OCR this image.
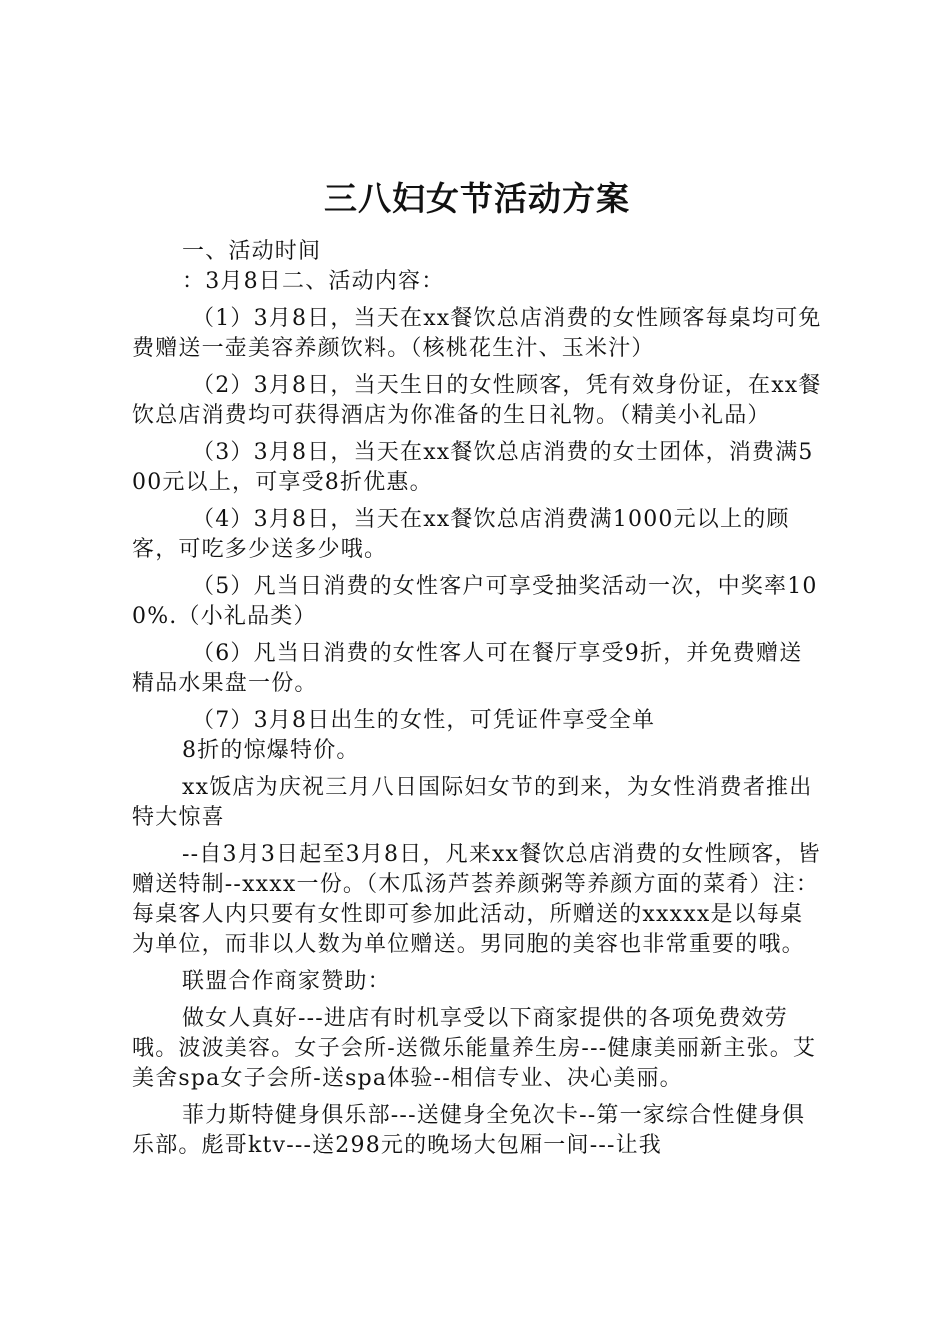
三八妇女节活动方案

一、活动时间

：3月8日二、活动内容：

（1）3月8日，当天在xx餐饮总店消费的女性顾客每桌均可免费赠送一壶美容养颜饮料。（核桃花生汁、玉米汁）

（2）3月8日，当天生日的女性顾客，凭有效身份证，在xx餐饮总店消费均可获得酒店为你准备的生日礼物。（精美小礼品）

（3）3月8日，当天在xx餐饮总店消费的女士团体，消费满500元以上，可享受8折优惠。

（4）3月8日，当天在xx餐饮总店消费满1000元以上的顾客，可吃多少送多少哦。

（5）凡当日消费的女性客户可享受抽奖活动一次，中奖率100%.（小礼品类）

（6）凡当日消费的女性客人可在餐厅享受9折，并免费赠送精品水果盘一份。

（7）3月8日出生的女性，可凭证件享受全单

8折的惊爆特价。

xx饭店为庆祝三月八日国际妇女节的到来，为女性消费者推出特大惊喜

--自3月3日起至3月8日，凡来xx餐饮总店消费的女性顾客，皆赠送特制--xxxx一份。（木瓜汤芦荟养颜粥等养颜方面的菜肴）注：每桌客人内只要有女性即可参加此活动，所赠送的xxxxx是以每桌为单位，而非以人数为单位赠送。男同胞的美容也非常重要的哦。

联盟合作商家赞助：

做女人真好---进店有时机享受以下商家提供的各项免费效劳哦。波波美容。女子会所-送微乐能量养生房---健康美丽新主张。艾美舍spa女子会所-送spa体验--相信专业、决心美丽。

菲力斯特健身俱乐部---送健身全免次卡--第一家综合性健身俱乐部。彪哥ktv---送298元的晚场大包厢一间---让我
